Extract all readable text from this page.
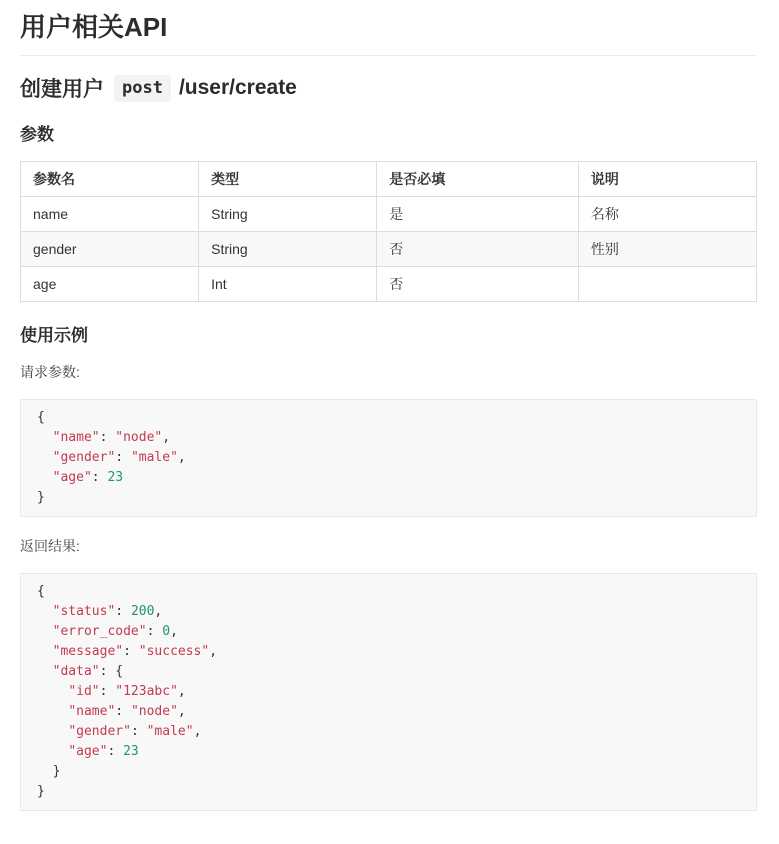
用户相关API
创建用户	post /user/create
参数
参数名	类型	是否必填	说明
name	String	是	名称
gender	String	否	性别
age	Int	否	
使用示例

请求参数:

{
"name": "node",
"gender": "male",
"age": 23
}

返回结果:

{
"status": 200,
"error_code": 0,
"message": "success",
"data": {
"id": "123abc",
"name": "node",
"gender": "male",
"age": 23
}
}
